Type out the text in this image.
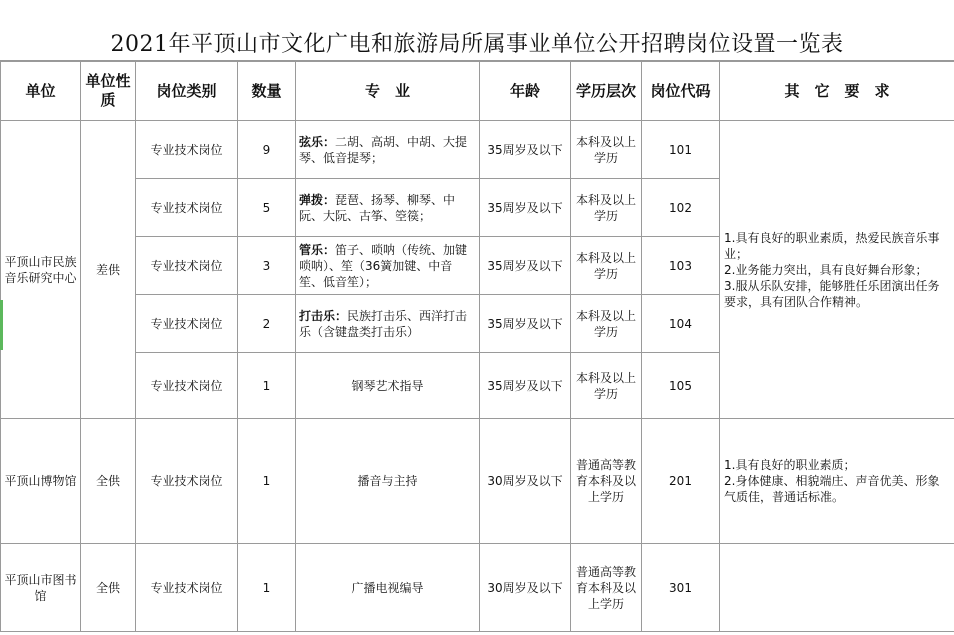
2021年平顶山市文化广电和旅游局所属事业单位公开招聘岗位设置一览表
单位	单位性质	岗位类别	数量	专　业	年龄	学历层次	岗位代码	其　它　要　求
平顶山市民族音乐研究中心	差供	专业技术岗位	9	弦乐：二胡、高胡、中胡、大提琴、低音提琴；	35周岁及以下	本科及以上学历	101	1.具有良好的职业素质，热爱民族音乐事业；
2.业务能力突出，具有良好舞台形象；
3.服从乐队安排，能够胜任乐团演出任务要求，具有团队合作精神。
		专业技术岗位	5	弹拨：琵琶、扬琴、柳琴、中阮、大阮、古筝、箜篌；	35周岁及以下	本科及以上学历	102	
		专业技术岗位	3	管乐：笛子、唢呐（传统、加键唢呐）、笙（36簧加键、中音笙、低音笙）；	35周岁及以下	本科及以上学历	103	
		专业技术岗位	2	打击乐：民族打击乐、西洋打击乐（含键盘类打击乐）	35周岁及以下	本科及以上学历	104	
		专业技术岗位	1	钢琴艺术指导	35周岁及以下	本科及以上学历	105	
平顶山博物馆	全供	专业技术岗位	1	播音与主持	30周岁及以下	普通高等教育本科及以上学历	201	1.具有良好的职业素质；
2.身体健康、相貌端庄、声音优美、形象气质佳，普通话标准。
平顶山市图书馆	全供	专业技术岗位	1	广播电视编导	30周岁及以下	普通高等教育本科及以上学历	301	
